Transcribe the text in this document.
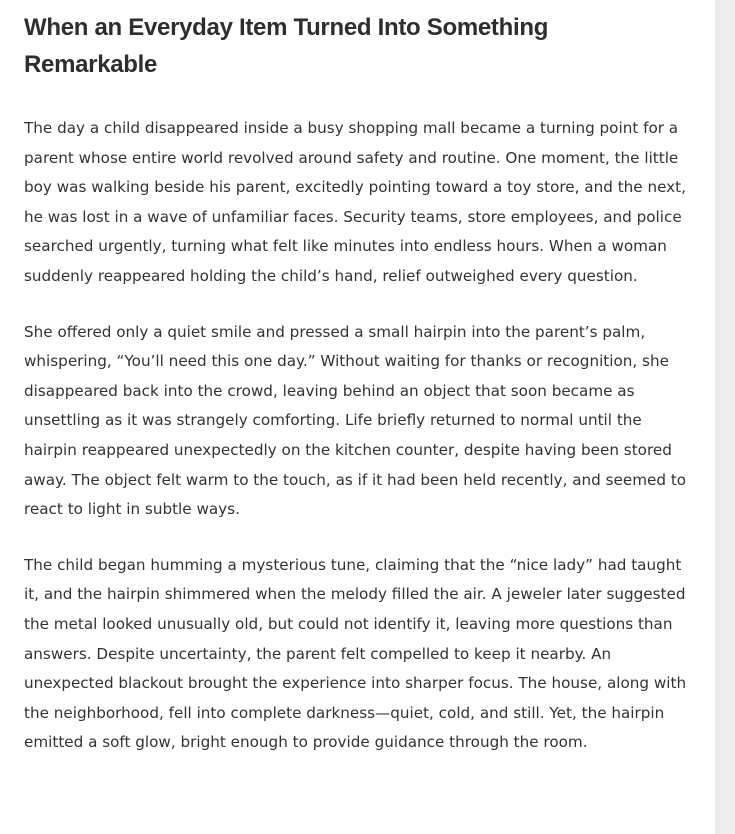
When an Everyday Item Turned Into Something Remarkable

The day a child disappeared inside a busy shopping mall became a turning point for a parent whose entire world revolved around safety and routine. One moment, the little boy was walking beside his parent, excitedly pointing toward a toy store, and the next, he was lost in a wave of unfamiliar faces. Security teams, store employees, and police searched urgently, turning what felt like minutes into endless hours. When a woman suddenly reappeared holding the child’s hand, relief outweighed every question.

She offered only a quiet smile and pressed a small hairpin into the parent’s palm, whispering, “You’ll need this one day.” Without waiting for thanks or recognition, she disappeared back into the crowd, leaving behind an object that soon became as unsettling as it was strangely comforting. Life briefly returned to normal until the hairpin reappeared unexpectedly on the kitchen counter, despite having been stored away. The object felt warm to the touch, as if it had been held recently, and seemed to react to light in subtle ways.

The child began humming a mysterious tune, claiming that the “nice lady” had taught it, and the hairpin shimmered when the melody filled the air. A jeweler later suggested the metal looked unusually old, but could not identify it, leaving more questions than answers. Despite uncertainty, the parent felt compelled to keep it nearby. An unexpected blackout brought the experience into sharper focus. The house, along with the neighborhood, fell into complete darkness—quiet, cold, and still. Yet, the hairpin emitted a soft glow, bright enough to provide guidance through the room.
